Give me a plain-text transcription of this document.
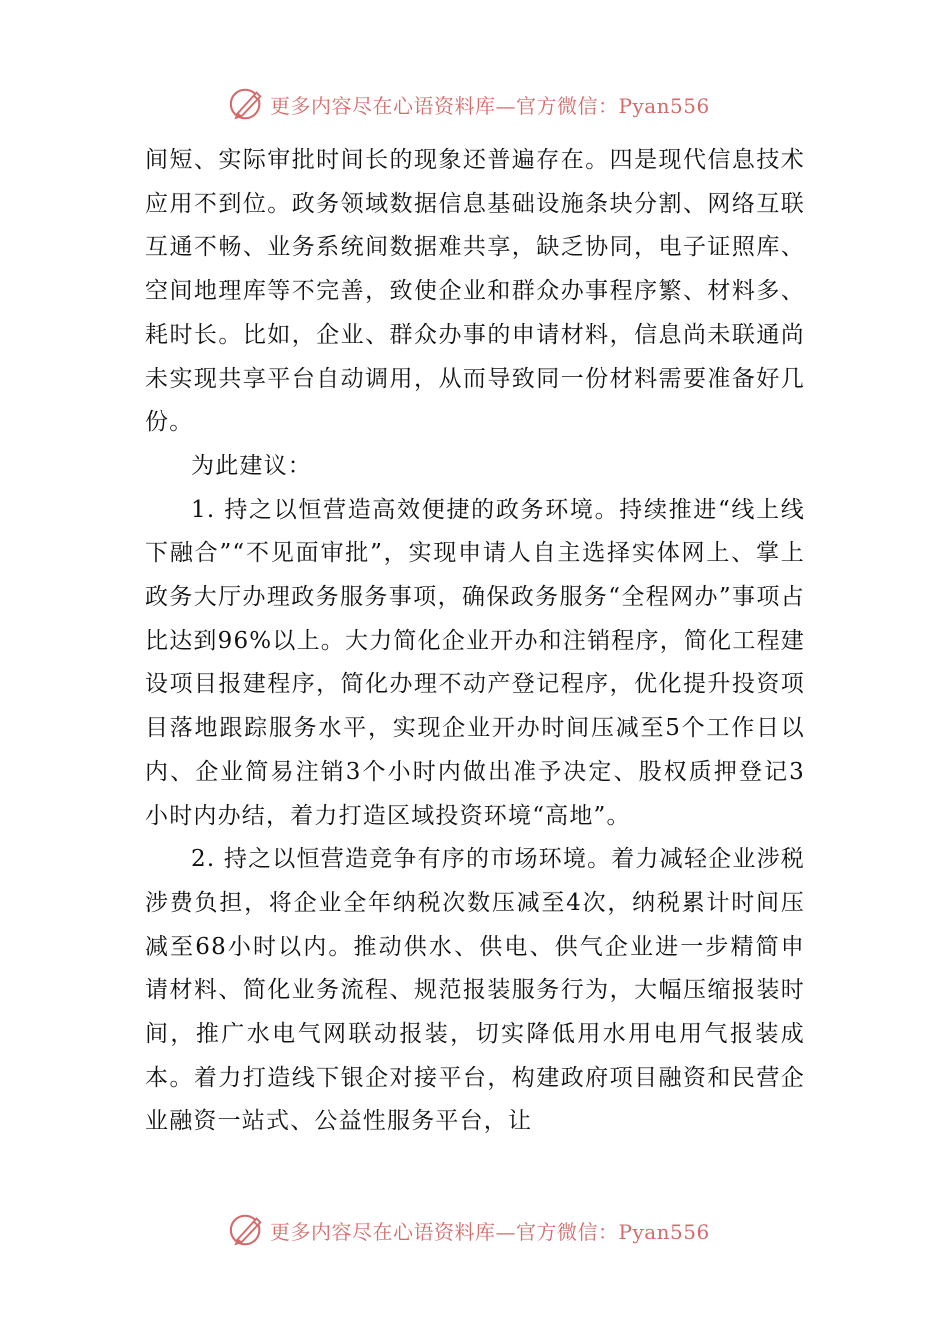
更多内容尽在心语资料库—官方微信：Pyan556

间短、实际审批时间长的现象还普遍存在。四是现代信息技术应用不到位。政务领域数据信息基础设施条块分割、网络互联互通不畅、业务系统间数据难共享，缺乏协同，电子证照库、空间地理库等不完善，致使企业和群众办事程序繁、材料多、耗时长。比如，企业、群众办事的申请材料，信息尚未联通尚未实现共享平台自动调用，从而导致同一份材料需要准备好几份。

为此建议：

1. 持之以恒营造高效便捷的政务环境。持续推进“线上线下融合”“不见面审批”，实现申请人自主选择实体网上、掌上政务大厅办理政务服务事项，确保政务服务“全程网办”事项占比达到96%以上。大力简化企业开办和注销程序，简化工程建设项目报建程序，简化办理不动产登记程序，优化提升投资项目落地跟踪服务水平，实现企业开办时间压减至5个工作日以内、企业简易注销3个小时内做出准予决定、股权质押登记3小时内办结，着力打造区域投资环境“高地”。

2. 持之以恒营造竞争有序的市场环境。着力减轻企业涉税涉费负担，将企业全年纳税次数压减至4次，纳税累计时间压减至68小时以内。推动供水、供电、供气企业进一步精简申请材料、简化业务流程、规范报装服务行为，大幅压缩报装时间，推广水电气网联动报装，切实降低用水用电用气报装成本。着力打造线下银企对接平台，构建政府项目融资和民营企业融资一站式、公益性服务平台，让

更多内容尽在心语资料库—官方微信：Pyan556
